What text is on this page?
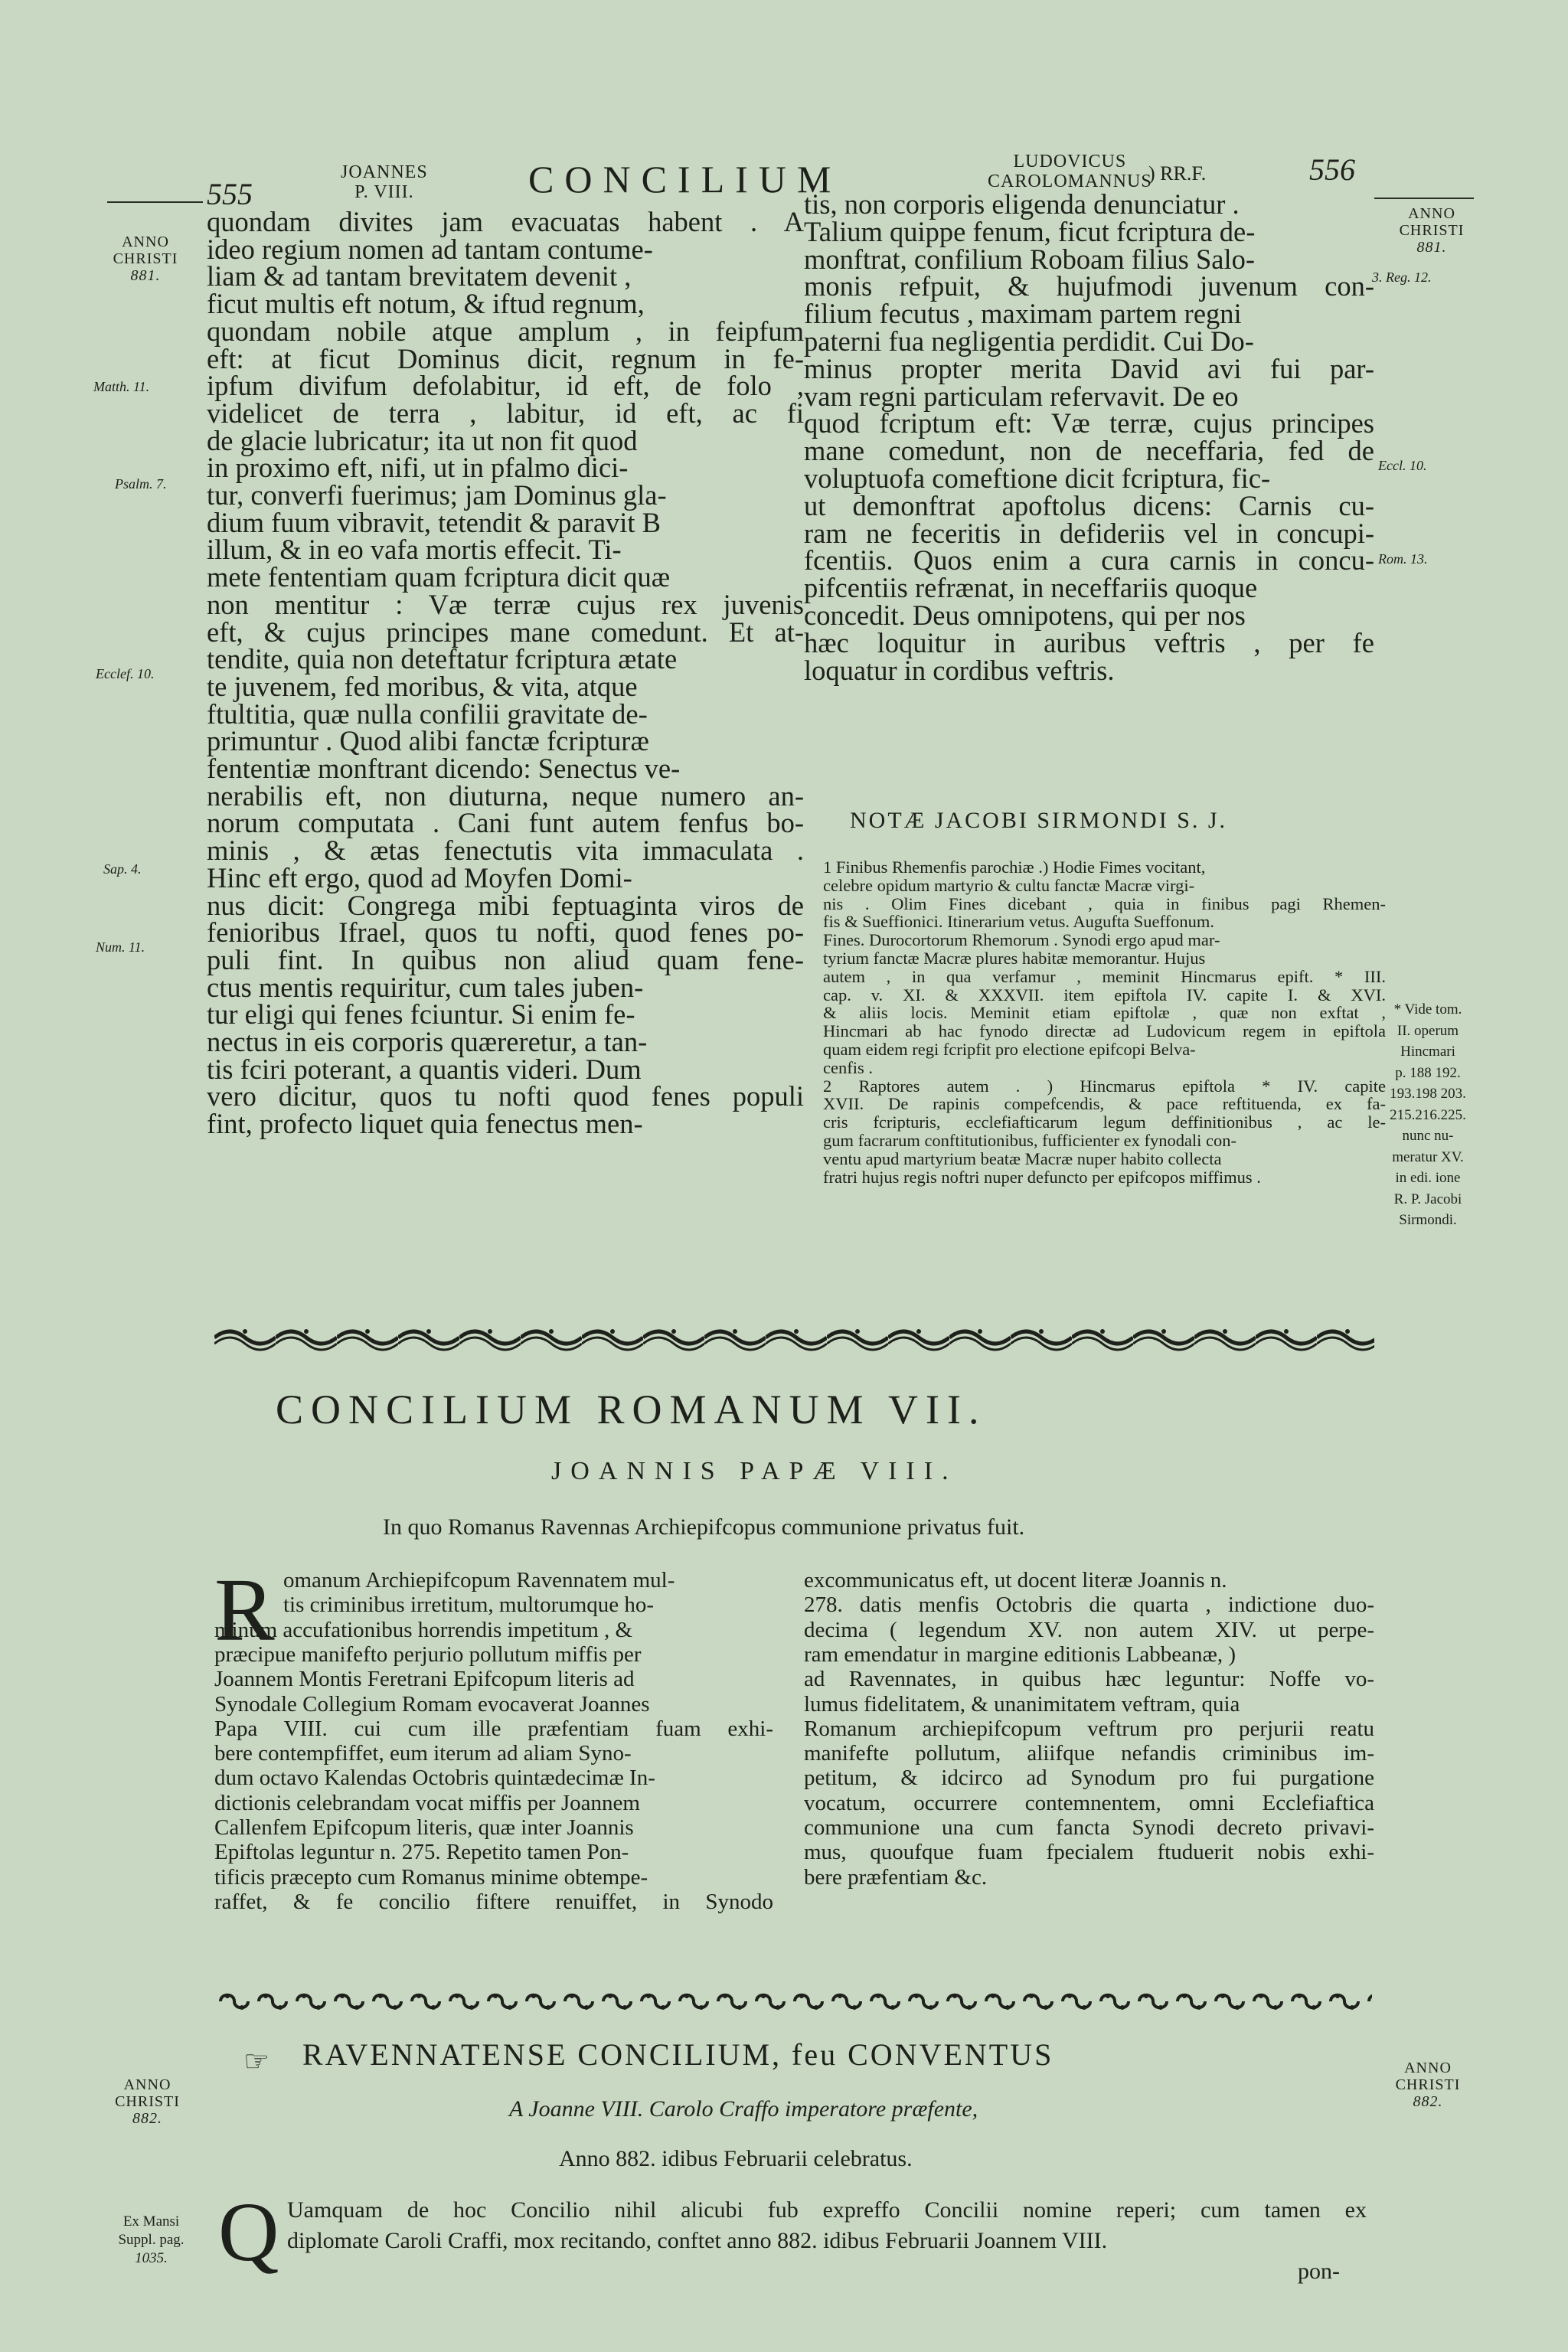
555
JOANNES
P. VIII.	CONCILIUM	LUDOVICUS
CAROLOMANNUS
) RR.F.	556
ANNO
CHRISTI
881.
ANNO
CHRISTI
881.
Matth. 11.
Psalm. 7.
Ecclef. 10.
Sap. 4.
Num. 11.
3. Reg. 12.
Eccl. 10.
Rom. 13.
quondam divites jam evacuatas habent . A
ideo regium nomen ad tantam contume-
liam & ad tantam brevitatem devenit ,
ficut multis eft notum, & iftud regnum,
quondam nobile atque amplum , in feipfum
eft: at ficut Dominus dicit, regnum in fe-
ipfum divifum defolabitur, id eft, de folo ,
videlicet de terra , labitur, id eft, ac fi
de glacie lubricatur; ita ut non fit quod
in proximo eft, nifi, ut in pfalmo dici-
tur, converfi fuerimus; jam Dominus gla-
dium fuum vibravit, tetendit & paravit B
illum, & in eo vafa mortis effecit. Ti-
mete fententiam quam fcriptura dicit quæ
non mentitur : Væ terræ cujus rex juvenis
eft, & cujus principes mane comedunt. Et at-
tendite, quia non deteftatur fcriptura ætate
te juvenem, fed moribus, & vita, atque
ftultitia, quæ nulla confilii gravitate de-
primuntur . Quod alibi fanctæ fcripturæ
fententiæ monftrant dicendo: Senectus ve-
nerabilis eft, non diuturna, neque numero an-
norum computata . Cani funt autem fenfus bo-
minis , & ætas fenectutis vita immaculata .
Hinc eft ergo, quod ad Moyfen Domi-
nus dicit: Congrega mibi feptuaginta viros de
fenioribus Ifrael, quos tu nofti, quod fenes po-
puli fint. In quibus non aliud quam fene-
ctus mentis requiritur, cum tales juben-
tur eligi qui fenes fciuntur. Si enim fe-
nectus in eis corporis quæreretur, a tan-
tis fciri poterant, a quantis videri. Dum
vero dicitur, quos tu nofti quod fenes populi
fint, profecto liquet quia fenectus men-
tis, non corporis eligenda denunciatur .
Talium quippe fenum, ficut fcriptura de-
monftrat, confilium Roboam filius Salo-
monis refpuit, & hujufmodi juvenum con-
filium fecutus , maximam partem regni
paterni fua negligentia perdidit. Cui Do-
minus propter merita David avi fui par-
vam regni particulam refervavit. De eo
quod fcriptum eft: Væ terræ, cujus principes
mane comedunt, non de neceffaria, fed de
voluptuofa comeftione dicit fcriptura, fic-
ut demonftrat apoftolus dicens: Carnis cu-
ram ne feceritis in defideriis vel in concupi-
fcentiis. Quos enim a cura carnis in concu-
pifcentiis refrænat, in neceffariis quoque
concedit. Deus omnipotens, qui per nos
hæc loquitur in auribus veftris , per fe
loquatur in cordibus veftris.
NOTÆ JACOBI SIRMONDI S. J.
1 Finibus Rhemenfis parochiæ .) Hodie Fimes vocitant,
celebre opidum martyrio & cultu fanctæ Macræ virgi-
nis . Olim Fines dicebant , quia in finibus pagi Rhemen-
fis & Sueffionici. Itinerarium vetus. Augufta Sueffonum.
Fines. Durocortorum Rhemorum . Synodi ergo apud mar-
tyrium fanctæ Macræ plures habitæ memorantur. Hujus
autem , in qua verfamur , meminit Hincmarus epift. * III.
cap. v. XI. & XXXVII. item epiftola IV. capite I. & XVI.
& aliis locis. Meminit etiam epiftolæ , quæ non exftat ,
Hincmari ab hac fynodo directæ ad Ludovicum regem in epiftola
quam eidem regi fcripfit pro electione epifcopi Belva-
cenfis .
2 Raptores autem . ) Hincmarus epiftola * IV. capite
XVII. De rapinis compefcendis, & pace reftituenda, ex fa-
cris fcripturis, ecclefiafticarum legum deffinitionibus , ac le-
gum facrarum conftitutionibus, fufficienter ex fynodali con-
ventu apud martyrium beatæ Macræ nuper habito collecta
fratri hujus regis noftri nuper defuncto per epifcopos miffimus .
* Vide tom.
II. operum
Hincmari
p. 188 192.
193.198 203.
215.216.225.
nunc nu-
meratur XV.
in edi. ione
R. P. Jacobi
Sirmondi.
CONCILIUM ROMANUM VII.
JOANNIS PAPÆ VIII.
In quo Romanus Ravennas Archiepifcopus communione privatus fuit.
R omanum Archiepifcopum Ravennatem mul-
tis criminibus irretitum, multorumque ho-
minum accufationibus horrendis impetitum , &
præcipue manifefto perjurio pollutum miffis per
Joannem Montis Feretrani Epifcopum literis ad
Synodale Collegium Romam evocaverat Joannes
Papa VIII. cui cum ille præfentiam fuam exhi-
bere contempfiffet, eum iterum ad aliam Syno-
dum octavo Kalendas Octobris quintædecimæ In-
dictionis celebrandam vocat miffis per Joannem
Callenfem Epifcopum literis, quæ inter Joannis
Epiftolas leguntur n. 275. Repetito tamen Pon-
tificis præcepto cum Romanus minime obtempe-
raffet, & fe concilio fiftere renuiffet, in Synodo
excommunicatus eft, ut docent literæ Joannis n.
278. datis menfis Octobris die quarta , indictione duo-
decima ( legendum XV. non autem XIV. ut perpe-
ram emendatur in margine editionis Labbeanæ, )
ad Ravennates, in quibus hæc leguntur: Noffe vo-
lumus fidelitatem, & unanimitatem veftram, quia
Romanum archiepifcopum veftrum pro perjurii reatu
manifefte pollutum, aliifque nefandis criminibus im-
petitum, & idcirco ad Synodum pro fui purgatione
vocatum, occurrere contemnentem, omni Ecclefiaftica
communione una cum fancta Synodi decreto privavi-
mus, quoufque fuam fpecialem ftuduerit nobis exhi-
bere præfentiam &c.
ANNO
CHRISTI
882.
ANNO
CHRISTI
882.
☞ RAVENNATENSE CONCILIUM, feu CONVENTUS
A Joanne VIII. Carolo Craffo imperatore præfente,
Anno 882. idibus Februarii celebratus.
Ex Mansi
Suppl. pag.
1035. Q Uamquam de hoc Concilio nihil alicubi fub expreffo Concilii nomine reperi; cum tamen ex
diplomate Caroli Craffi, mox recitando, conftet anno 882. idibus Februarii Joannem VIII.
pon-
